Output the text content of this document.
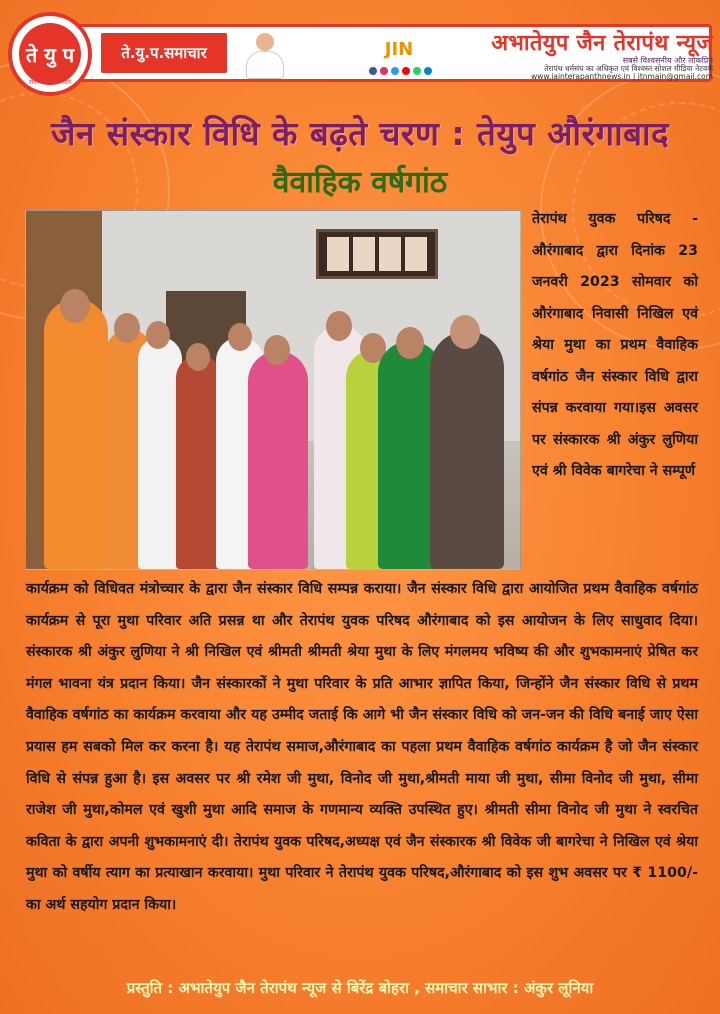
ते.यु.प.समाचार	JIN	अभातेयुप जैन तेरापंथ न्यूज
सबसे विश्वसनीय और लोकप्रिय
तेरापंथ धर्मसंघ का अधिकृत एवं विश्वस्त सोशल मीडिया नेटवर्क
www.jainterapanthnews.in | jtnmain@gmail.com
ते यु प
सेवा संस्कार संगठन
जैन संस्कार विधि के बढ़ते चरण : तेयुप औरंगाबाद
वैवाहिक वर्षगांठ
तेरापंथ युवक परिषद - औरंगाबाद द्वारा दिनांक 23 जनवरी 2023 सोमवार को औरंगाबाद निवासी निखिल एवं श्रेया मुथा का प्रथम वैवाहिक वर्षगांठ जैन संस्कार विधि द्वारा संपन्न करवाया गया।इस अवसर पर संस्कारक श्री अंकुर लुणिया एवं श्री विवेक बागरेचा ने सम्पूर्ण
कार्यक्रम को विधिवत मंत्रोच्चार के द्वारा जैन संस्कार विधि सम्पन्न कराया। जैन संस्कार विधि द्वारा आयोजित प्रथम वैवाहिक वर्षगांठ कार्यक्रम से पूरा मुथा परिवार अति प्रसन्न था और तेरापंथ युवक परिषद औरंगाबाद को इस आयोजन के लिए साधुवाद दिया। संस्कारक श्री अंकुर लुणिया ने श्री निखिल एवं श्रीमती श्रीमती श्रेया मुथा के लिए मंगलमय भविष्य की और शुभकामनाएं प्रेषित कर मंगल भावना यंत्र प्रदान किया। जैन संस्कारकों ने मुथा परिवार के प्रति आभार ज्ञापित किया, जिन्होंने जैन संस्कार विधि से प्रथम वैवाहिक वर्षगांठ का कार्यक्रम करवाया और यह उम्मीद जताई कि आगे भी जैन संस्कार विधि को जन-जन की विधि बनाई जाए ऐसा प्रयास हम सबको मिल कर करना है। यह तेरापंथ समाज,औरंगाबाद का पहला प्रथम वैवाहिक वर्षगांठ कार्यक्रम है जो जैन संस्कार विधि से संपन्न हुआ है। इस अवसर पर श्री रमेश जी मुथा, विनोद जी मुथा,श्रीमती माया जी मुथा, सीमा विनोद जी मुथा, सीमा राजेश जी मुथा,कोमल एवं खुशी मुथा आदि समाज के गणमान्य व्यक्ति उपस्थित हुए। श्रीमती सीमा विनोद जी मुथा ने स्वरचित कविता के द्वारा अपनी शुभकामनाएं दी। तेरापंथ युवक परिषद,अध्यक्ष एवं जैन संस्कारक श्री विवेक जी बागरेचा ने निखिल एवं श्रेया मुथा को वर्षीय त्याग का प्रत्याखान करवाया। मुथा परिवार ने तेरापंथ युवक परिषद,औरंगाबाद को इस शुभ अवसर पर ₹ 1100/- का अर्थ सहयोग प्रदान किया।
प्रस्तुति : अभातेयुप जैन तेरापंथ न्यूज से बिरेंद्र बोहरा , समाचार साभार : अंकुर लूनिया
